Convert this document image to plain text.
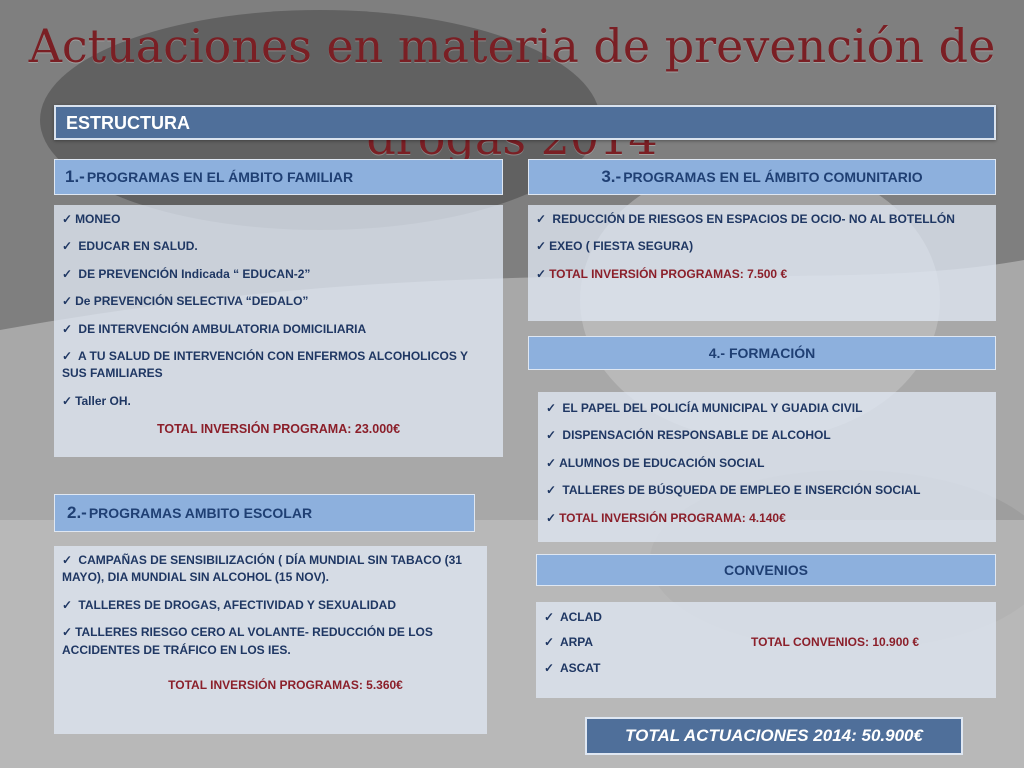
Actuaciones en materia de prevención de
ESTRUCTURA
1.- PROGRAMAS EN EL ÁMBITO FAMILIAR
✓ MONEO
✓ EDUCAR EN SALUD.
✓ DE PREVENCIÓN Indicada “ EDUCAN-2”
✓ De PREVENCIÓN SELECTIVA “DEDALO”
✓ DE INTERVENCIÓN AMBULATORIA DOMICILIARIA
✓ A TU SALUD DE INTERVENCIÓN CON ENFERMOS ALCOHOLICOS Y SUS FAMILIARES
✓ Taller OH.
TOTAL INVERSIÓN PROGRAMA: 23.000€
2.- PROGRAMAS AMBITO ESCOLAR
✓ CAMPAÑAS DE SENSIBILIZACIÓN ( DÍA MUNDIAL SIN TABACO (31 MAYO), DIA MUNDIAL SIN ALCOHOL (15 NOV).
✓ TALLERES DE DROGAS, AFECTIVIDAD Y SEXUALIDAD
✓ TALLERES RIESGO CERO AL VOLANTE- REDUCCIÓN DE LOS ACCIDENTES DE TRÁFICO EN LOS IES.
TOTAL INVERSIÓN PROGRAMAS: 5.360€
3.- PROGRAMAS EN EL ÁMBITO COMUNITARIO
✓ REDUCCIÓN DE RIESGOS EN ESPACIOS DE OCIO- NO AL BOTELLÓN
✓ EXEO ( FIESTA SEGURA)
✓ TOTAL INVERSIÓN PROGRAMAS: 7.500 €
4.- FORMACIÓN
✓ EL PAPEL DEL POLICÍA MUNICIPAL Y GUADIA CIVIL
✓ DISPENSACIÓN RESPONSABLE DE ALCOHOL
✓ ALUMNOS DE EDUCACIÓN SOCIAL
✓ TALLERES DE BÚSQUEDA DE EMPLEO E INSERCIÓN SOCIAL
✓ TOTAL INVERSIÓN PROGRAMA: 4.140€
CONVENIOS
✓ ACLAD
✓ ARPA	TOTAL CONVENIOS: 10.900 €
✓ ASCAT
TOTAL ACTUACIONES 2014: 50.900€
